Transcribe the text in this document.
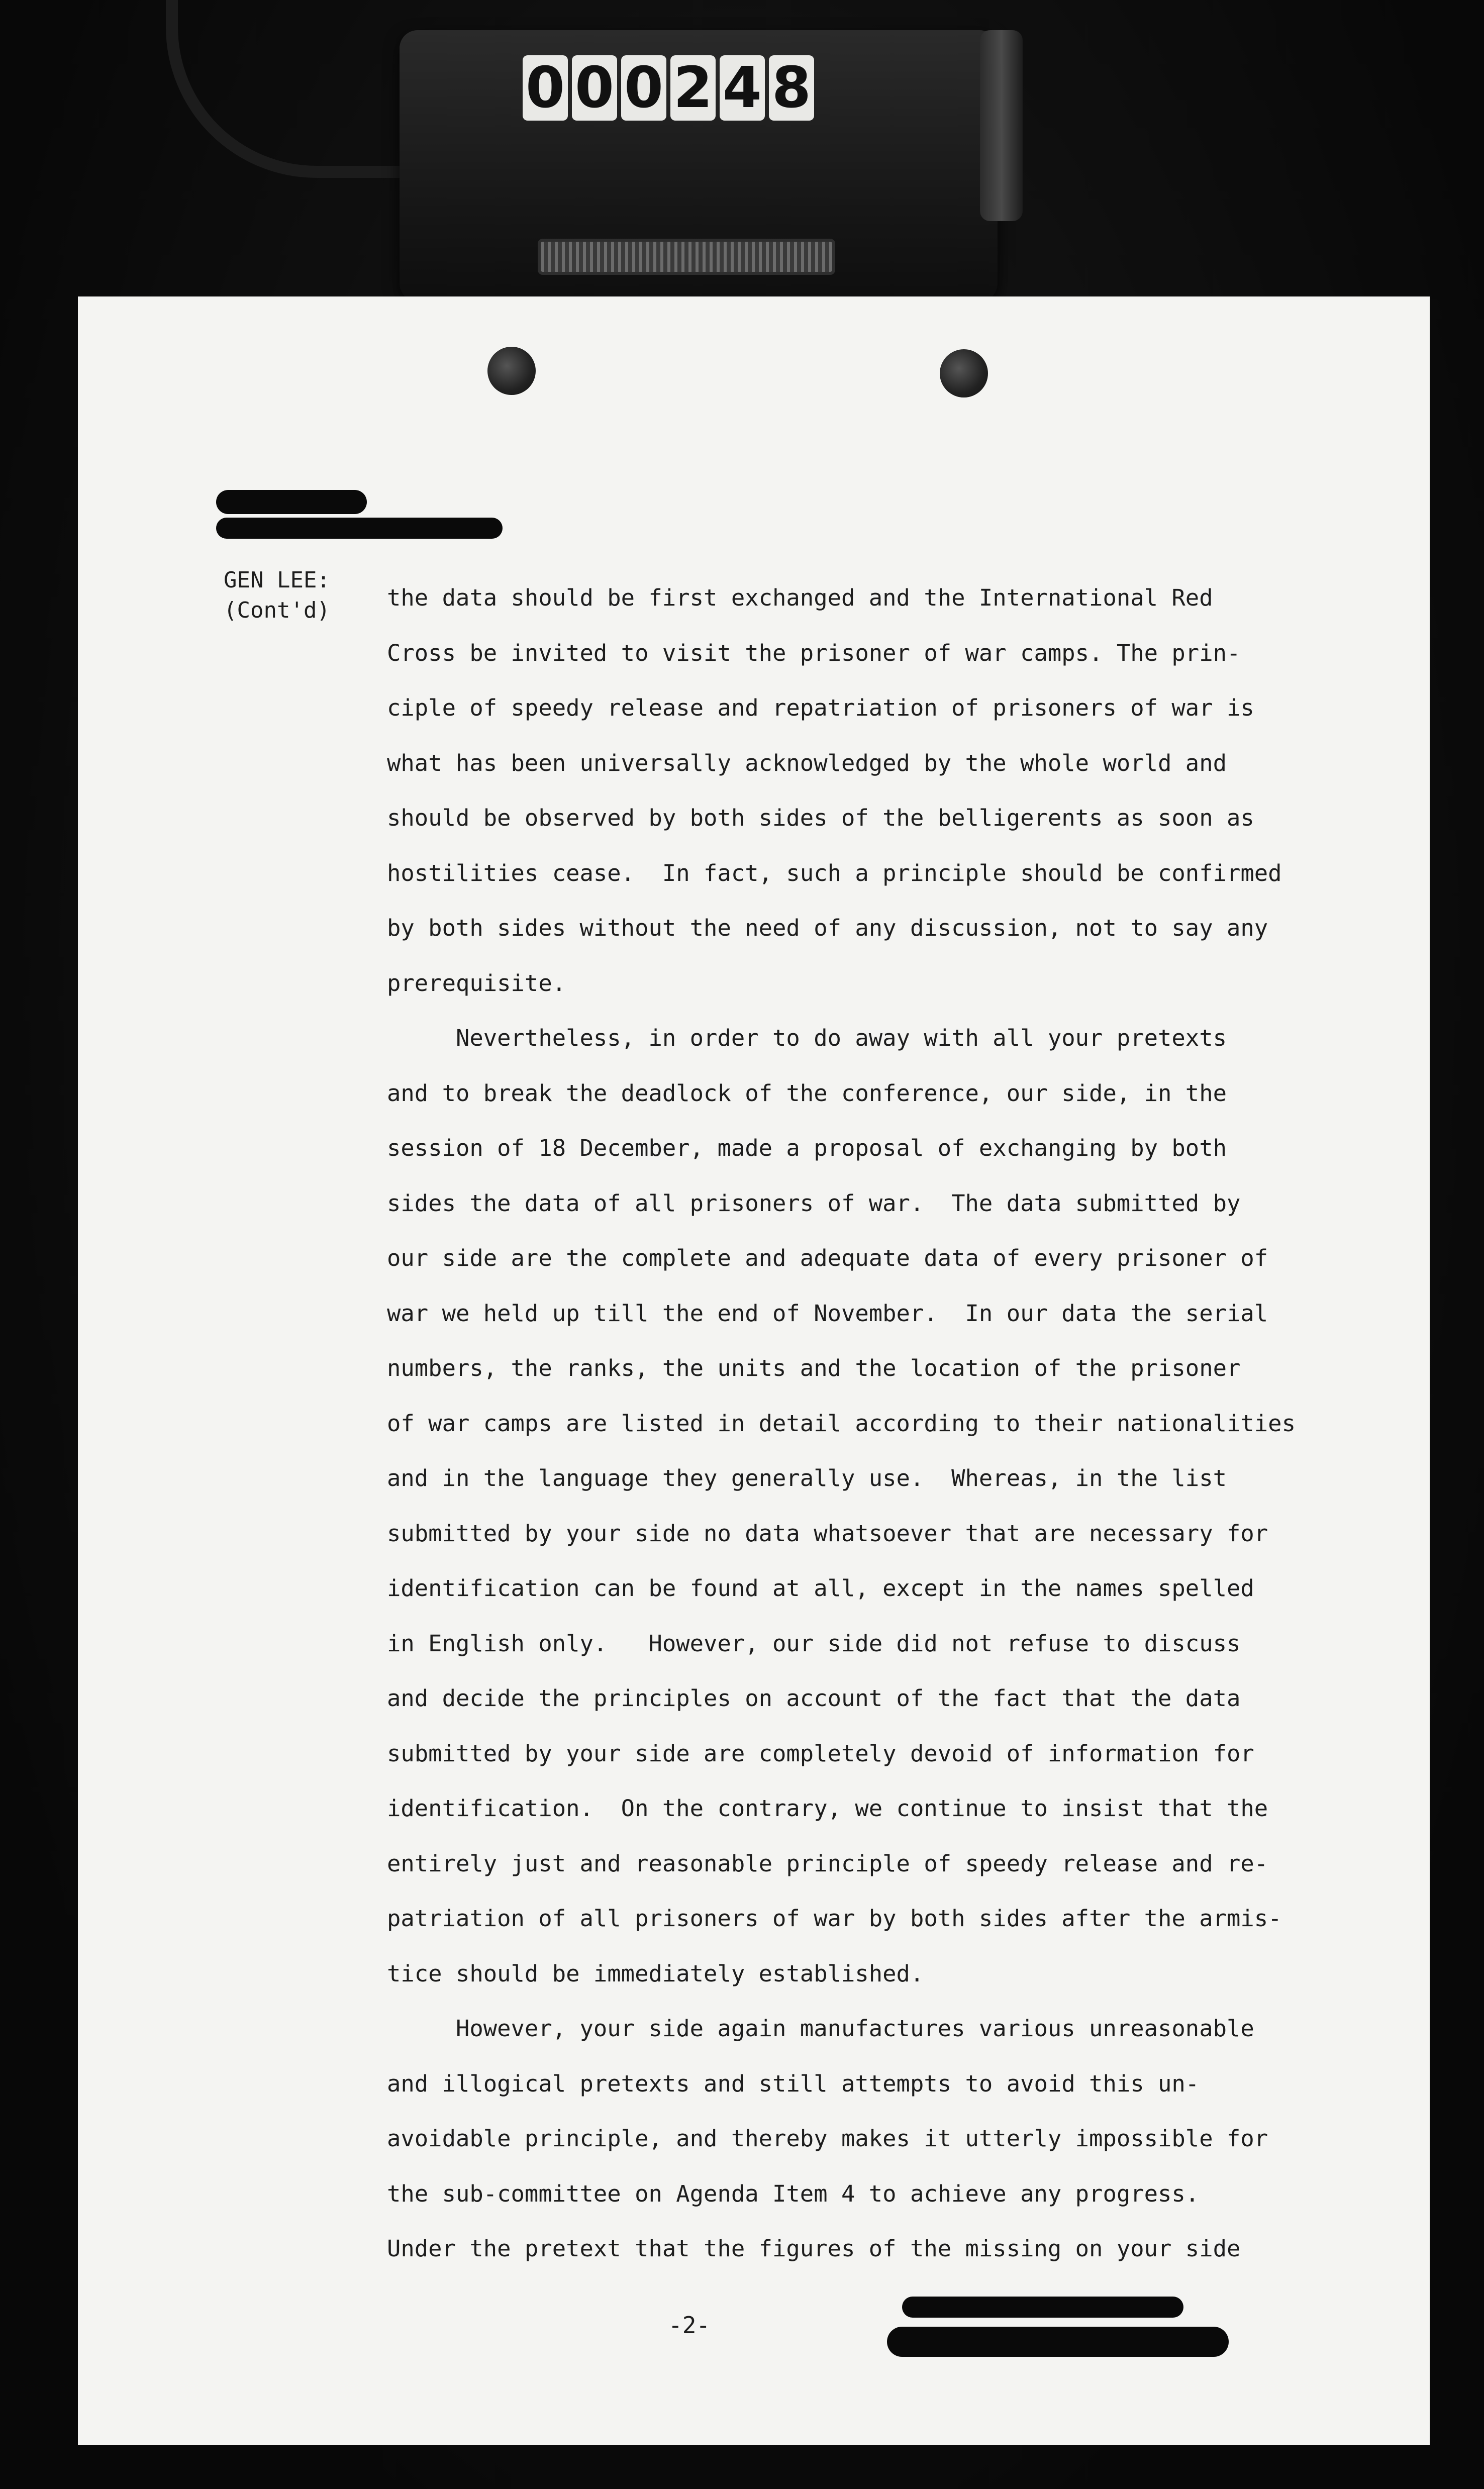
0 0 0 2 4 8
GEN LEE:
(Cont'd) the data should be first exchanged and the International Red
Cross be invited to visit the prisoner of war camps. The prin-
ciple of speedy release and repatriation of prisoners of war is
what has been universally acknowledged by the whole world and
should be observed by both sides of the belligerents as soon as
hostilities cease.  In fact, such a principle should be confirmed
by both sides without the need of any discussion, not to say any
prerequisite.
Nevertheless, in order to do away with all your pretexts
and to break the deadlock of the conference, our side, in the
session of 18 December, made a proposal of exchanging by both
sides the data of all prisoners of war.  The data submitted by
our side are the complete and adequate data of every prisoner of
war we held up till the end of November.  In our data the serial
numbers, the ranks, the units and the location of the prisoner
of war camps are listed in detail according to their nationalities
and in the language they generally use.  Whereas, in the list
submitted by your side no data whatsoever that are necessary for
identification can be found at all, except in the names spelled
in English only.   However, our side did not refuse to discuss
and decide the principles on account of the fact that the data
submitted by your side are completely devoid of information for
identification.  On the contrary, we continue to insist that the
entirely just and reasonable principle of speedy release and re-
patriation of all prisoners of war by both sides after the armis-
tice should be immediately established.
However, your side again manufactures various unreasonable
and illogical pretexts and still attempts to avoid this un-
avoidable principle, and thereby makes it utterly impossible for
the sub-committee on Agenda Item 4 to achieve any progress.
Under the pretext that the figures of the missing on your side
-2-
